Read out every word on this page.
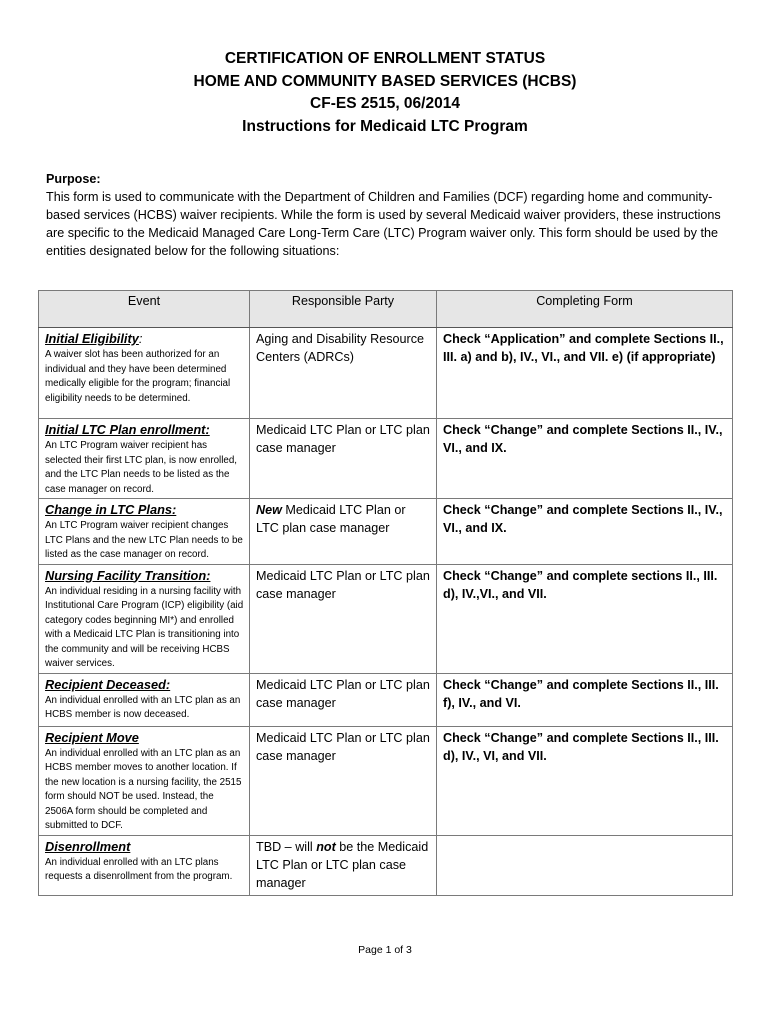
CERTIFICATION OF ENROLLMENT STATUS
HOME AND COMMUNITY BASED SERVICES (HCBS)
CF-ES 2515, 06/2014
Instructions for Medicaid LTC Program
Purpose:
This form is used to communicate with the Department of Children and Families (DCF) regarding home and community-based services (HCBS) waiver recipients. While the form is used by several Medicaid waiver providers, these instructions are specific to the Medicaid Managed Care Long-Term Care (LTC) Program waiver only. This form should be used by the entities designated below for the following situations:
Event	Responsible Party	Completing Form
Initial Eligibility:
A waiver slot has been authorized for an individual and they have been determined medically eligible for the program; financial eligibility needs to be determined.	Aging and Disability Resource Centers (ADRCs)	Check “Application” and complete Sections II., III. a) and b), IV., VI., and VII. e) (if appropriate)
Initial LTC Plan enrollment:
An LTC Program waiver recipient has selected their first LTC plan, is now enrolled, and the LTC Plan needs to be listed as the case manager on record.	Medicaid LTC Plan or LTC plan case manager	Check “Change” and complete Sections II., IV., VI., and IX.
Change in LTC Plans:
An LTC Program waiver recipient changes LTC Plans and the new LTC Plan needs to be listed as the case manager on record.	New Medicaid LTC Plan or LTC plan case manager	Check “Change” and complete Sections II., IV., VI., and IX.
Nursing Facility Transition:
An individual residing in a nursing facility with Institutional Care Program (ICP) eligibility (aid category codes beginning MI*) and enrolled with a Medicaid LTC Plan is transitioning into the community and will be receiving HCBS waiver services.	Medicaid LTC Plan or LTC plan case manager	Check “Change” and complete sections II., III. d), IV.,VI., and VII.
Recipient Deceased:
An individual enrolled with an LTC plan as an HCBS member is now deceased.	Medicaid LTC Plan or LTC plan case manager	Check “Change” and complete Sections II., III. f), IV., and VI.
Recipient Move
An individual enrolled with an LTC plan as an HCBS member moves to another location. If the new location is a nursing facility, the 2515 form should NOT be used. Instead, the 2506A form should be completed and submitted to DCF.	Medicaid LTC Plan or LTC plan case manager	Check “Change” and complete Sections II., III. d), IV., VI, and VII.
Disenrollment
An individual enrolled with an LTC plans requests a disenrollment from the program.	TBD – will not be the Medicaid LTC Plan or LTC plan case manager	
Page 1 of 3
